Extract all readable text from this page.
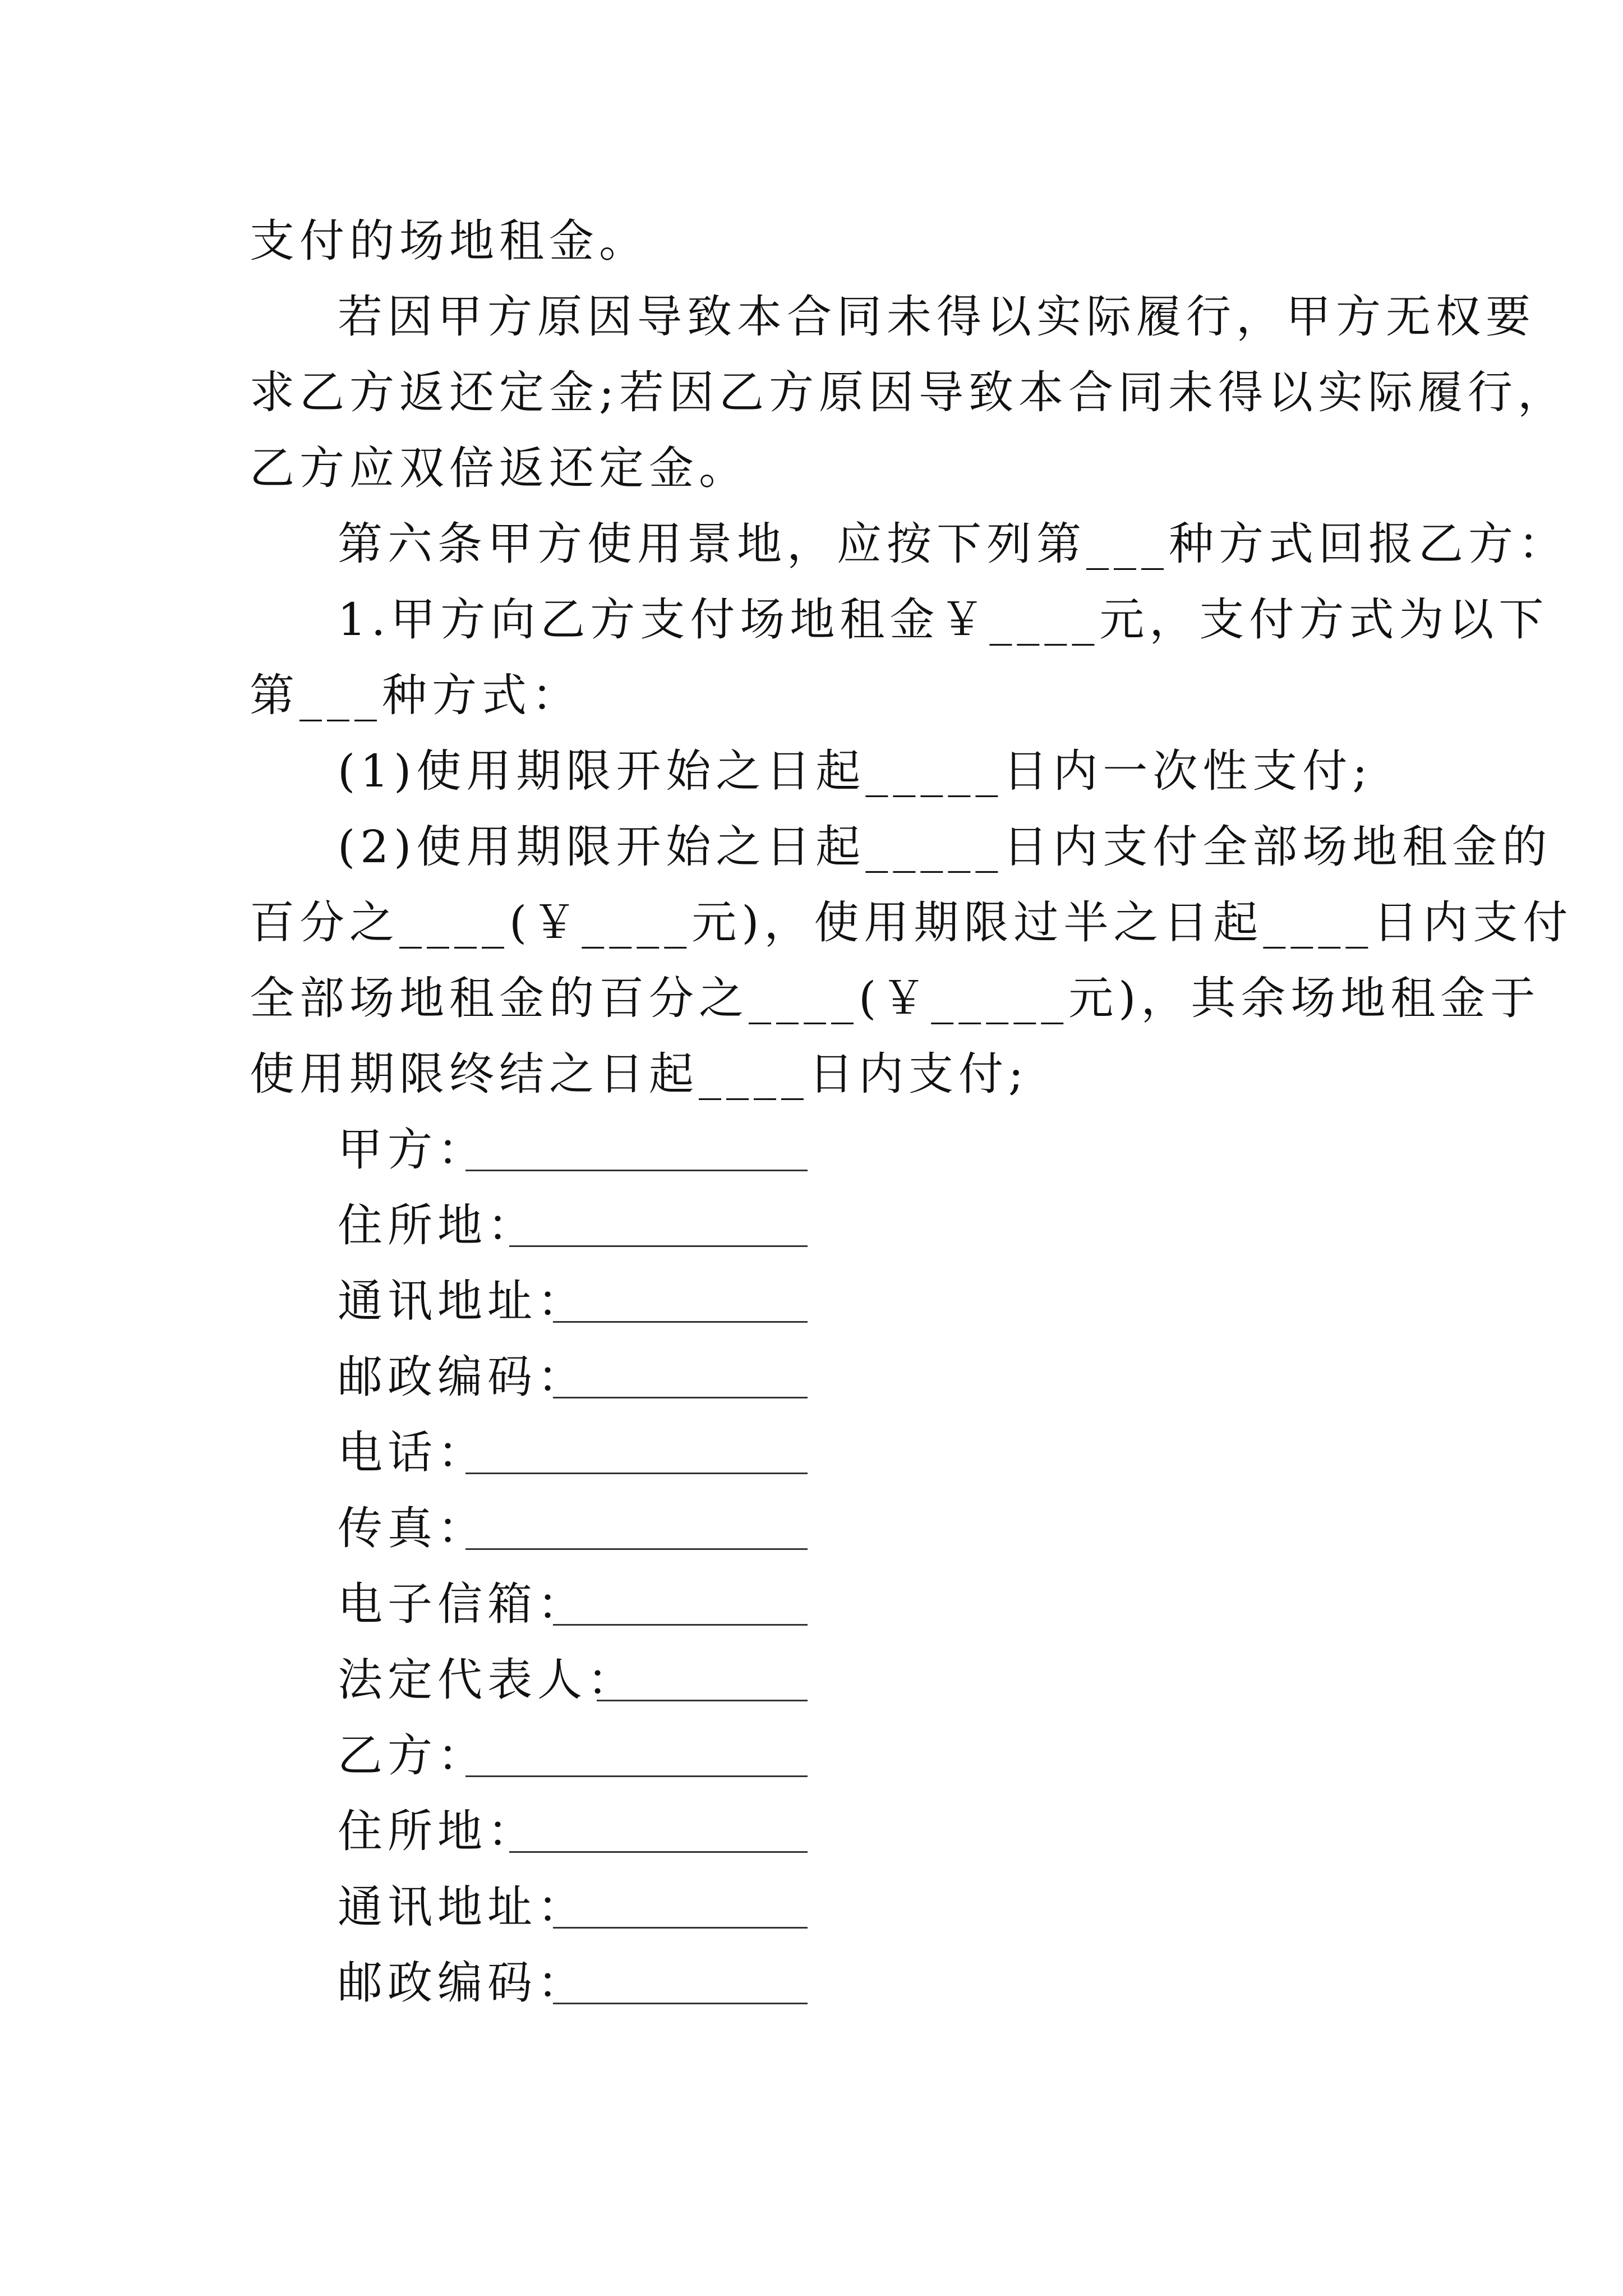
支付的场地租金。
若因甲方原因导致本合同未得以实际履行，甲方无权要
求乙方返还定金;若因乙方原因导致本合同未得以实际履行，
乙方应双倍返还定金。
第六条甲方使用景地，应按下列第___种方式回报乙方：
1.甲方向乙方支付场地租金￥____元，支付方式为以下
第___种方式：
(1)使用期限开始之日起_____日内一次性支付;
(2)使用期限开始之日起_____日内支付全部场地租金的
百分之____(￥____元)，使用期限过半之日起____日内支付
全部场地租金的百分之____(￥_____元)，其余场地租金于
使用期限终结之日起____日内支付;
甲方：
住所地：
通讯地址：
邮政编码：
电话：
传真：
电子信箱：
法定代表人：
乙方：
住所地：
通讯地址：
邮政编码：
